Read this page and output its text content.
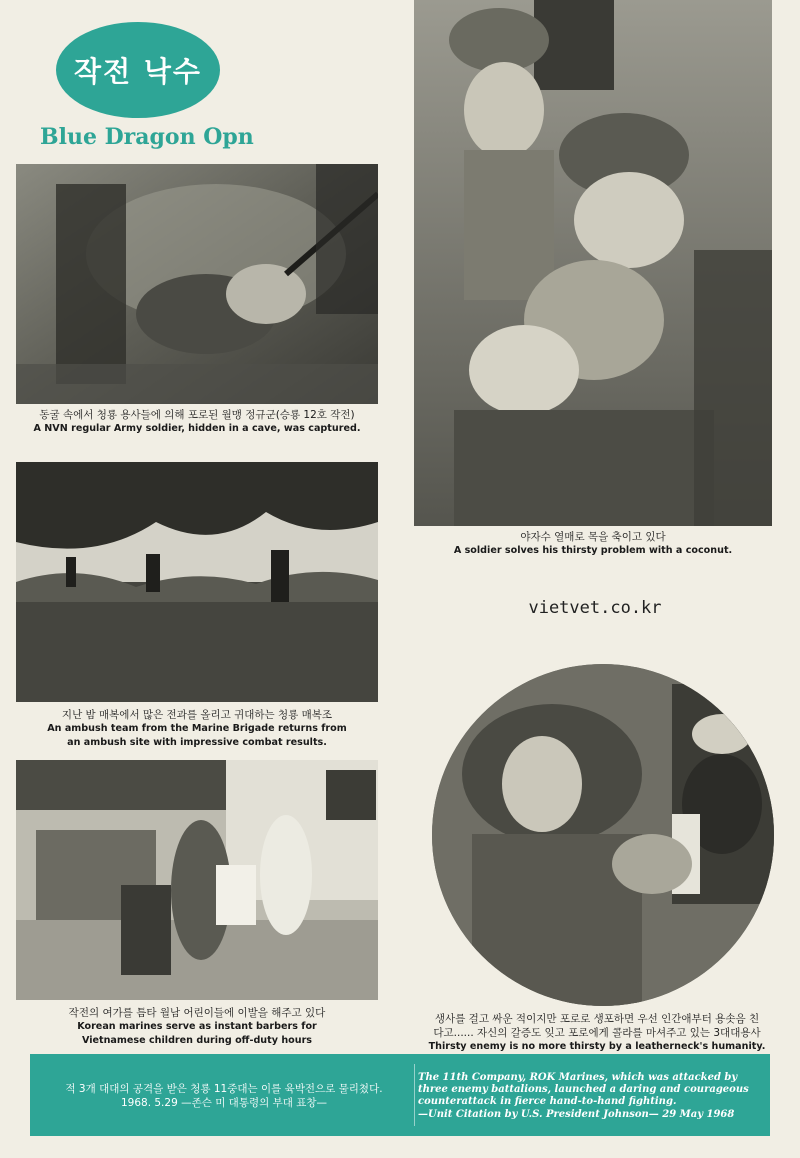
작전 낙수
Blue Dragon Opn
동굴 속에서 청룡 용사들에 의해 포로된 월맹 정규군(승룡 12호 작전)
A NVN regular Army soldier, hidden in a cave, was captured.
야자수 열매로 목을 축이고 있다
A soldier solves his thirsty problem with a coconut.
vietvet.co.kr
지난 밤 매복에서 많은 전과를 올리고 귀대하는 청룡 매복조
An ambush team from the Marine Brigade returns from
an ambush site with impressive combat results.
작전의 여가를 틈타 월남 어린이들에 이발을 해주고 있다
Korean marines serve as instant barbers for
Vietnamese children during off-duty hours
생사를 걸고 싸운 적이지만 포로로 생포하면 우선 인간애부터 용솟음 친
다고...... 자신의 갈증도 잊고 포로에게 콜라를 마셔주고 있는 3대대용사
Thirsty enemy is no more thirsty by a leatherneck's humanity.
적 3개 대대의 공격을 받은 청룡 11중대는 이를 육박전으로 물리쳤다.
1968. 5.29 —존슨 미 대통령의 부대 표창—
The 11th Company, ROK Marines, which was attacked by
three enemy battalions, launched a daring and courageous
counterattack in fierce hand-to-hand fighting.
—Unit Citation by U.S. President Johnson— 29 May 1968
